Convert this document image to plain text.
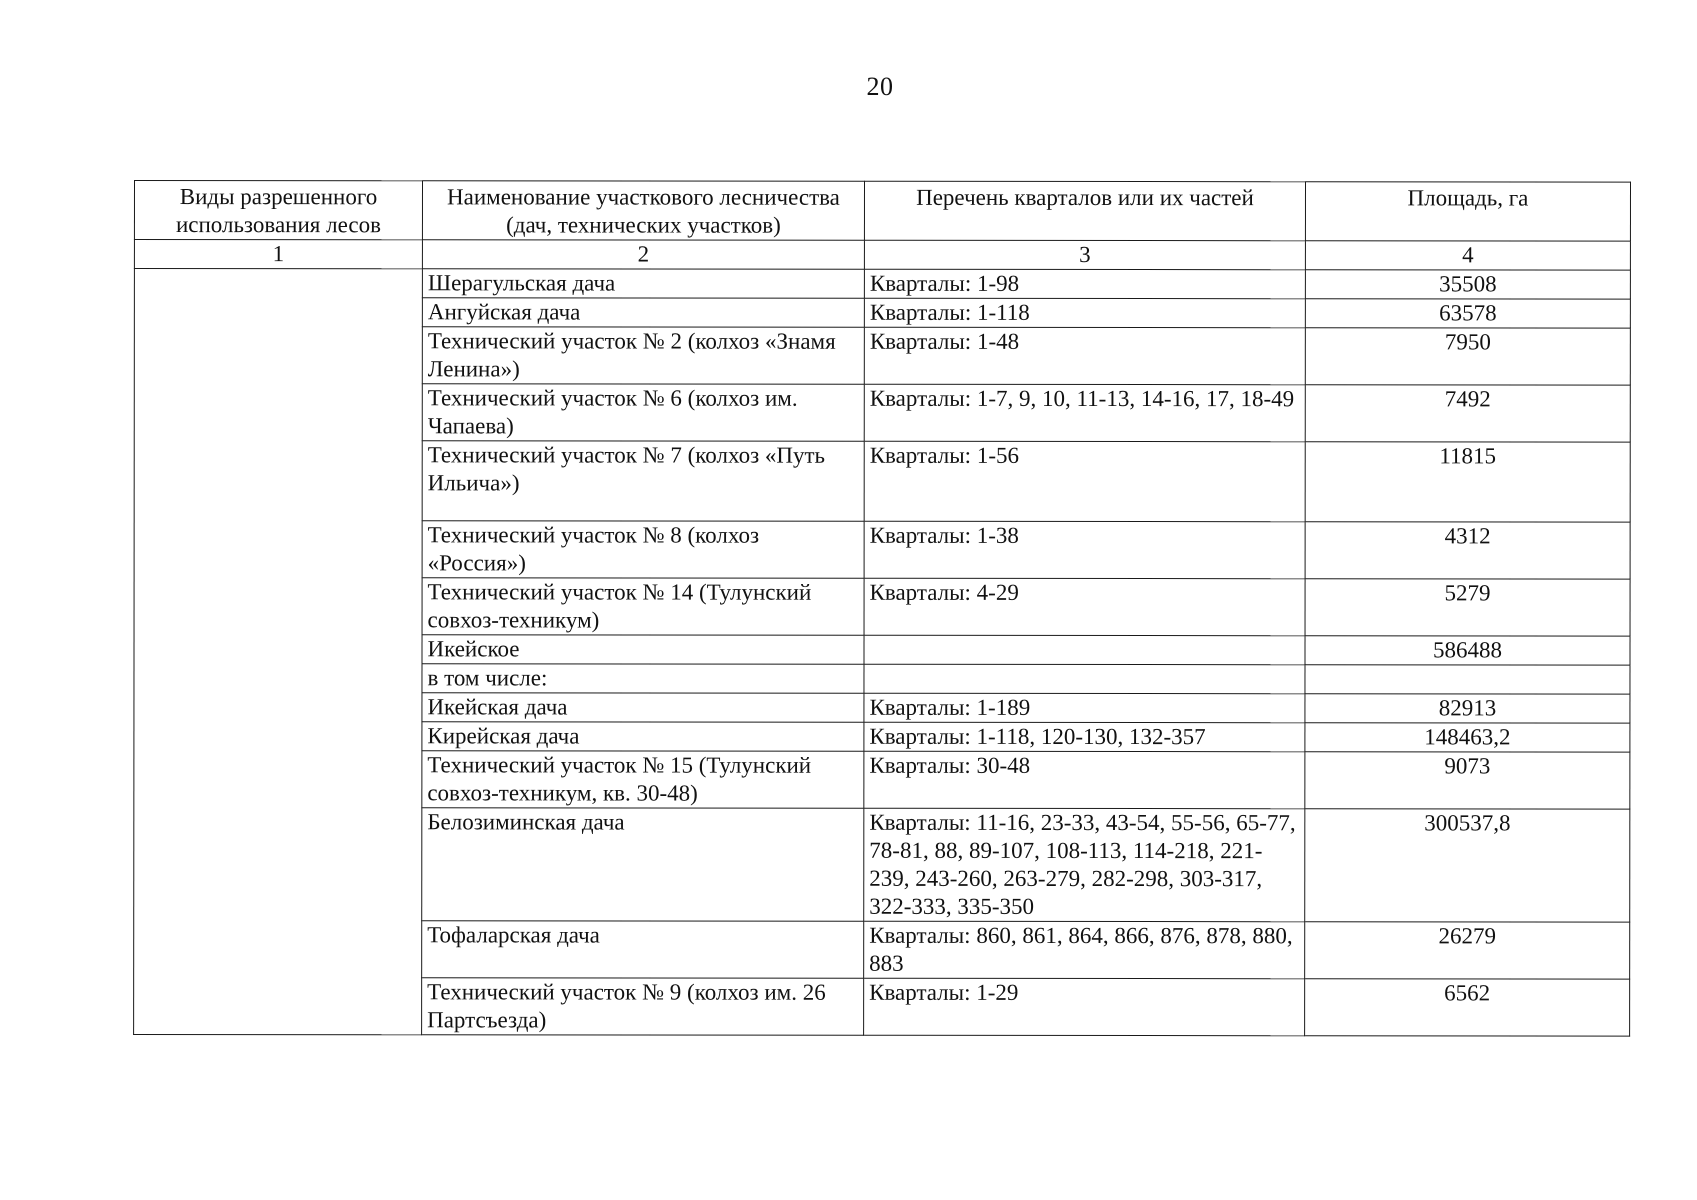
20
Виды разрешенного использования лесов	Наименование участкового лесничества (дач, технических участков)	Перечень кварталов или их частей	Площадь, га
1	2	3	4
	Шерагульская дача	Кварталы: 1-98	35508
	Ангуйская дача	Кварталы: 1-118	63578
	Технический участок № 2 (колхоз «Знамя Ленина»)	Кварталы: 1-48	7950
	Технический участок № 6 (колхоз им. Чапаева)	Кварталы: 1-7, 9, 10, 11-13, 14-16, 17, 18-49	7492
	Технический участок № 7 (колхоз «Путь Ильича»)	Кварталы: 1-56	11815
	Технический участок № 8 (колхоз «Россия»)	Кварталы: 1-38	4312
	Технический участок № 14 (Тулунский совхоз-техникум)	Кварталы: 4-29	5279
	Икейское		586488
	в том числе:		
	Икейская дача	Кварталы: 1-189	82913
	Кирейская дача	Кварталы: 1-118, 120-130, 132-357	148463,2
	Технический участок № 15 (Тулунский совхоз-техникум, кв. 30-48)	Кварталы: 30-48	9073
	Белозиминская дача	Кварталы: 11-16, 23-33, 43-54, 55-56, 65-77, 78-81, 88, 89-107, 108-113, 114-218, 221-239, 243-260, 263-279, 282-298, 303-317, 322-333, 335-350	300537,8
	Тофаларская дача	Кварталы: 860, 861, 864, 866, 876, 878, 880, 883	26279
	Технический участок № 9 (колхоз им. 26 Партсъезда)	Кварталы: 1-29	6562
